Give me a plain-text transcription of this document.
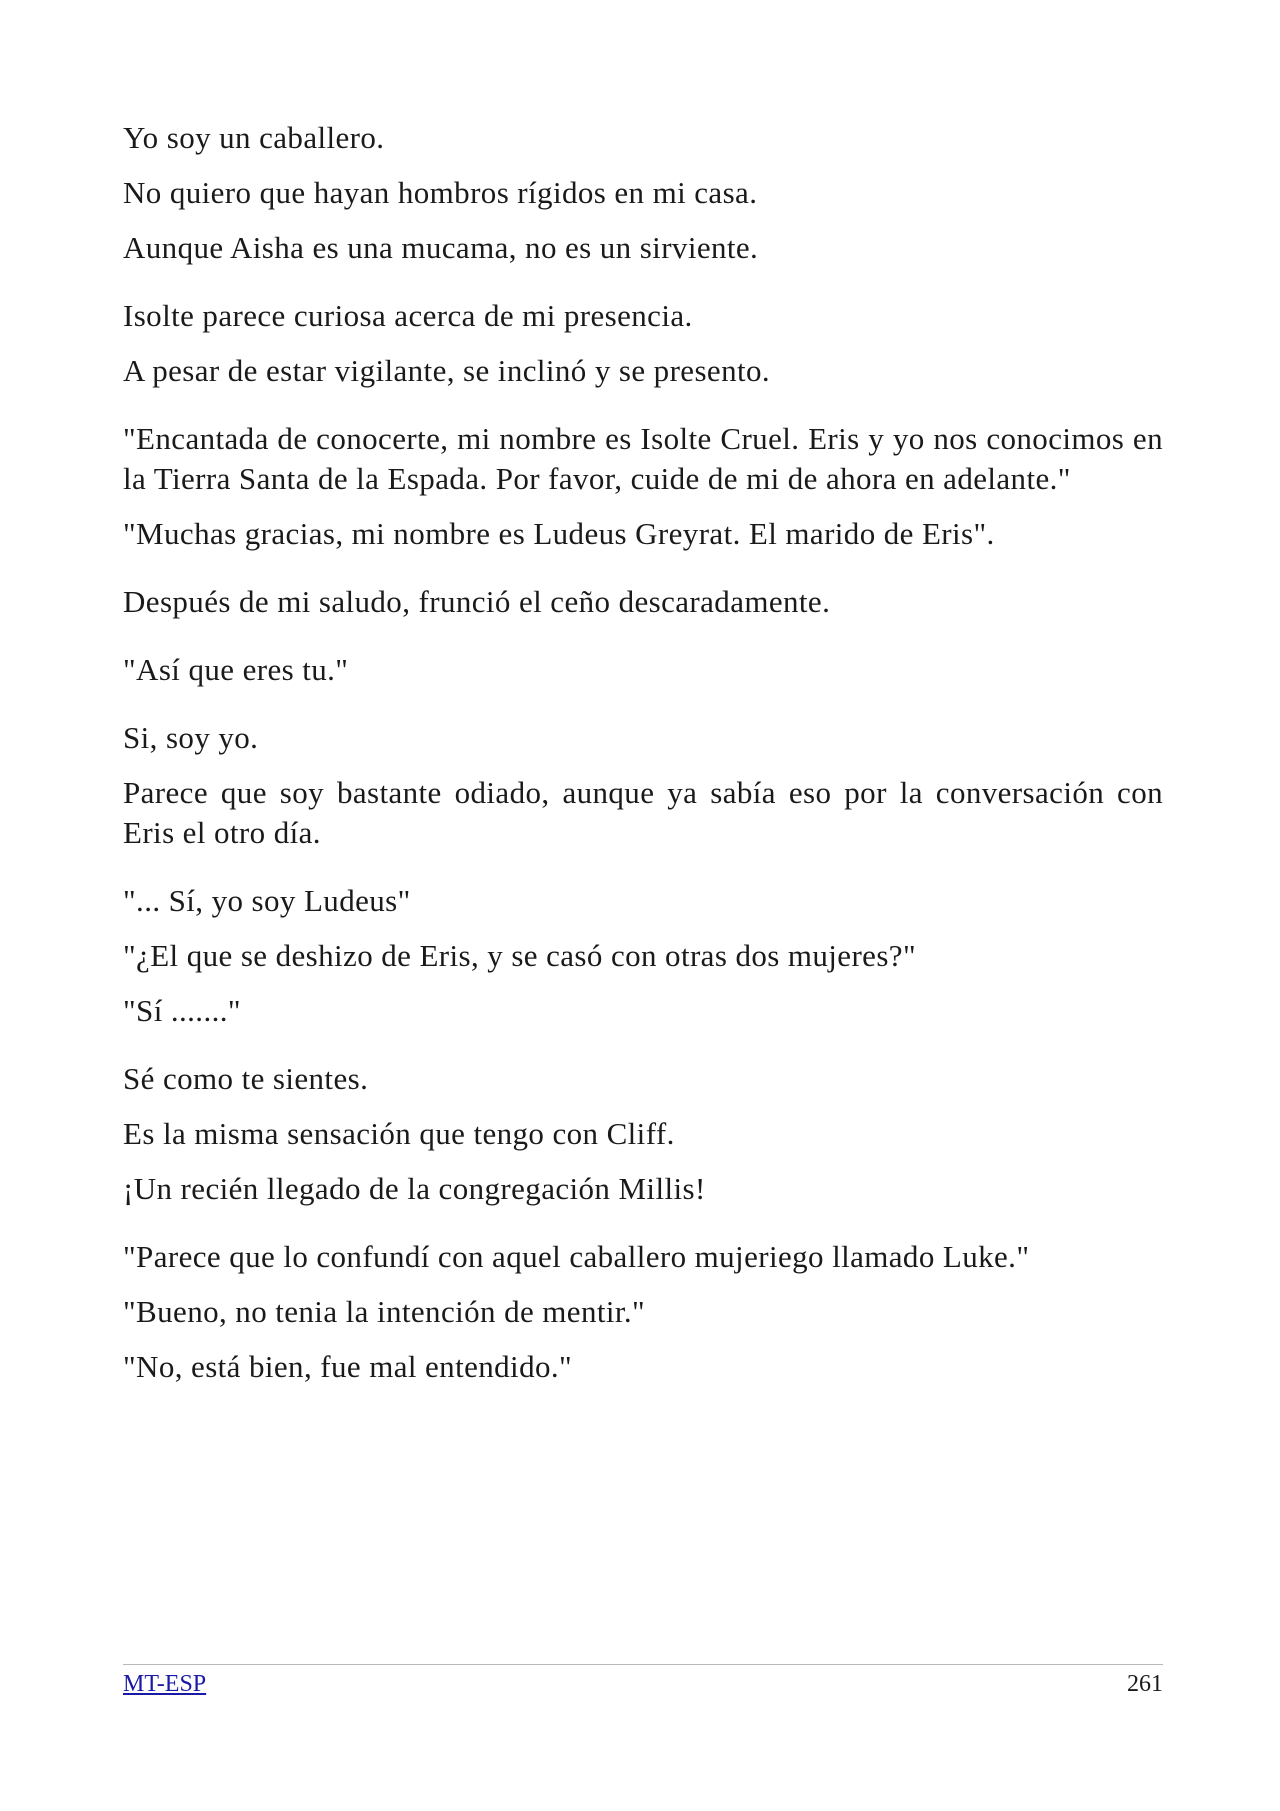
Yo soy un caballero.

No quiero que hayan hombros rígidos en mi casa.

Aunque Aisha es una mucama, no es un sirviente.

Isolte parece curiosa acerca de mi presencia.

A pesar de estar vigilante, se inclinó y se presento.

"Encantada de conocerte, mi nombre es Isolte Cruel. Eris y yo nos conocimos en la Tierra Santa de la Espada. Por favor, cuide de mi de ahora en adelante."

"Muchas gracias, mi nombre es Ludeus Greyrat. El marido de Eris".

Después de mi saludo, frunció el ceño descaradamente.

"Así que eres tu."

Si, soy yo.

Parece que soy bastante odiado, aunque ya sabía eso por la conversación con Eris el otro día.

"... Sí, yo soy Ludeus"

"¿El que se deshizo de Eris, y se casó con otras dos mujeres?"

"Sí ......."

Sé como te sientes.

Es la misma sensación que tengo con Cliff.

¡Un recién llegado de la congregación Millis!

"Parece que lo confundí con aquel caballero mujeriego llamado Luke."

"Bueno, no tenia la intención de mentir."

"No, está bien, fue mal entendido."

MT-ESP	261
